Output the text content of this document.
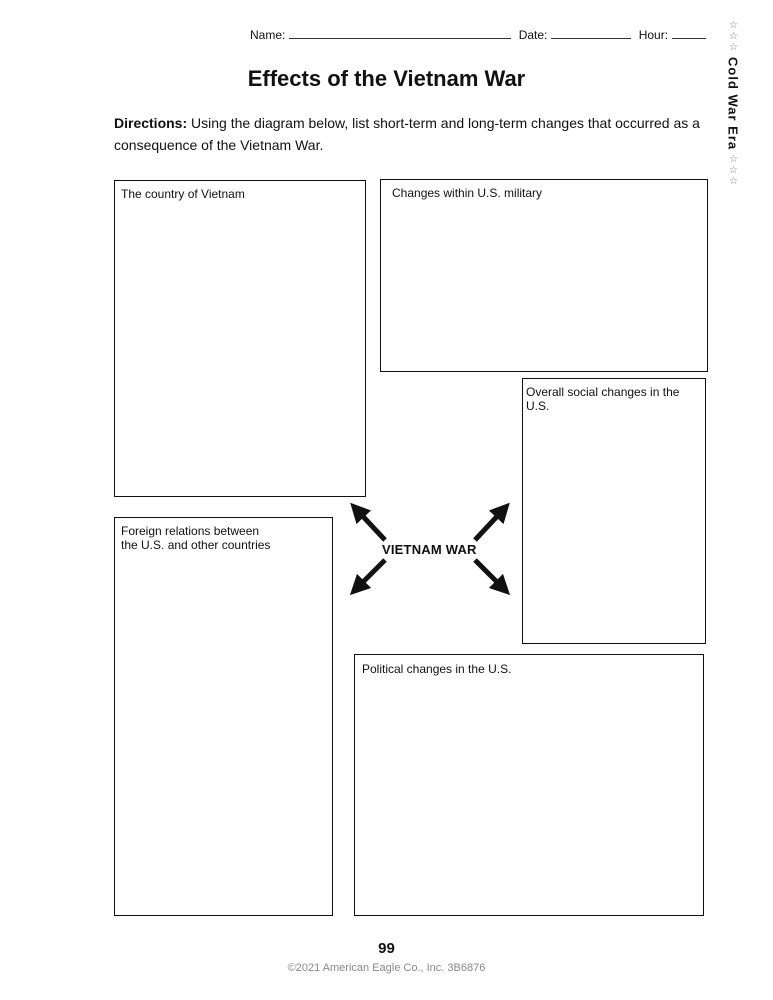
Name:	Date:	Hour:
Effects of the Vietnam War
Directions: Using the diagram below, list short-term and long-term changes that occurred as a consequence of the Vietnam War.
☆☆☆
Cold War Era
☆☆☆
The country of Vietnam	Changes within U.S. military
Overall social changes in the U.S.
Foreign relations between
the U.S. and other countries
Political changes in the U.S.
VIETNAM WAR
99
©2021 American Eagle Co., Inc. 3B6876
